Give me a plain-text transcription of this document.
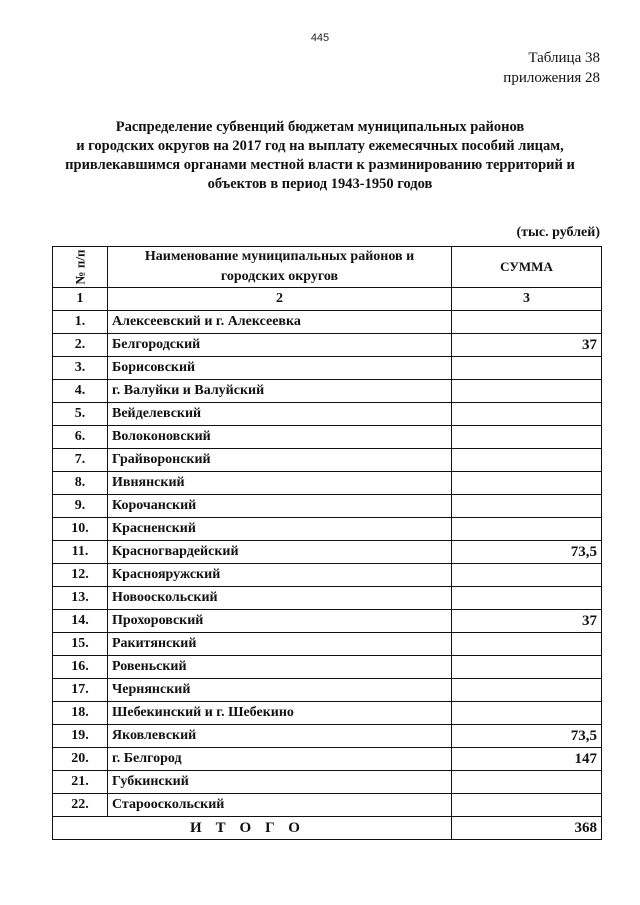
445
Таблица 38
приложения 28
Распределение субвенций бюджетам муниципальных районов
и городских округов на 2017 год на выплату ежемесячных пособий лицам,
привлекавшимся органами местной власти к разминированию территорий и
объектов в период 1943-1950 годов
(тыс. рублей)
№ п/п	Наименование муниципальных районов и городских округов	СУММА
1	2	3
1.	Алексеевский и г. Алексеевка	
2.	Белгородский	37
3.	Борисовский	
4.	г. Валуйки и Валуйский	
5.	Вейделевский	
6.	Волоконовский	
7.	Грайворонский	
8.	Ивнянский	
9.	Корочанский	
10.	Красненский	
11.	Красногвардейский	73,5
12.	Краснояружский	
13.	Новооскольский	
14.	Прохоровский	37
15.	Ракитянский	
16.	Ровеньский	
17.	Чернянский	
18.	Шебекинский и г. Шебекино	
19.	Яковлевский	73,5
20.	г. Белгород	147
21.	Губкинский	
22.	Старооскольский	
ИТОГО		368
